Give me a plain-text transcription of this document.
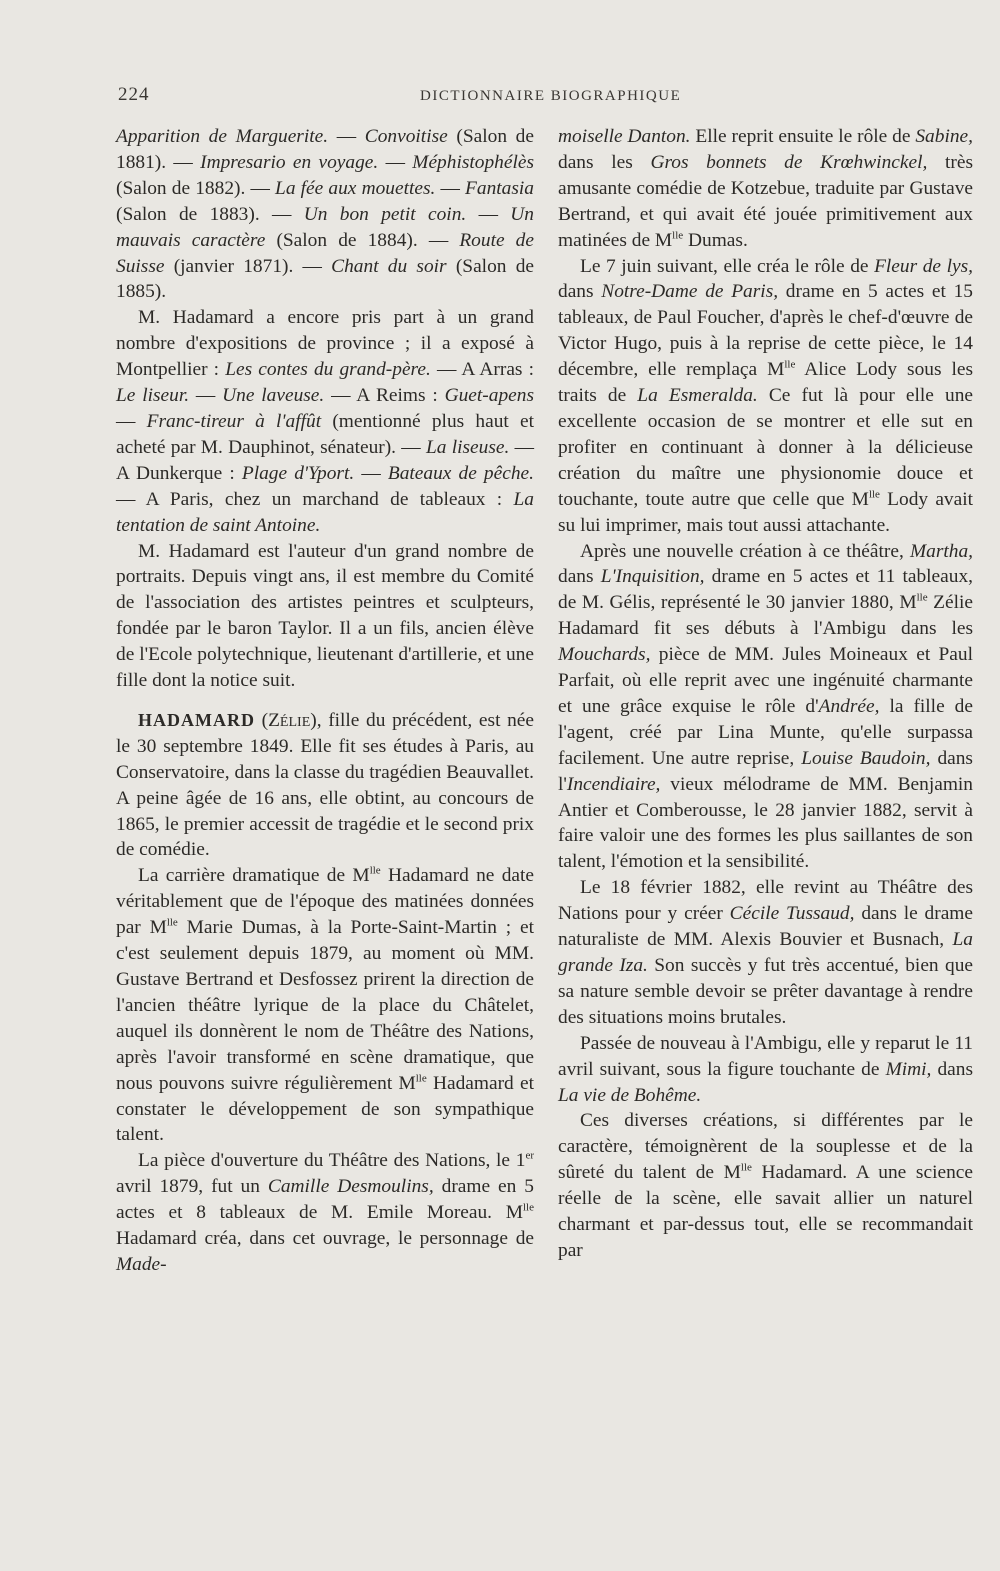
224	DICTIONNAIRE BIOGRAPHIQUE

Apparition de Marguerite. — Convoitise (Salon de 1881). — Impresario en voyage. — Méphistophélès (Salon de 1882). — La fée aux mouettes. — Fantasia (Salon de 1883). — Un bon petit coin. — Un mauvais caractère (Salon de 1884). — Route de Suisse (janvier 1871). — Chant du soir (Salon de 1885).

M. Hadamard a encore pris part à un grand nombre d'expositions de province ; il a exposé à Montpellier : Les contes du grand-père. — A Arras : Le liseur. — Une laveuse. — A Reims : Guet-apens — Franc-tireur à l'affût (mentionné plus haut et acheté par M. Dauphinot, sénateur). — La liseuse. — A Dunkerque : Plage d'Yport. — Bateaux de pêche. — A Paris, chez un marchand de tableaux : La tentation de saint Antoine.

M. Hadamard est l'auteur d'un grand nombre de portraits. Depuis vingt ans, il est membre du Comité de l'association des artistes peintres et sculpteurs, fondée par le baron Taylor. Il a un fils, ancien élève de l'Ecole polytechnique, lieutenant d'artillerie, et une fille dont la notice suit.

HADAMARD (Zélie), fille du précédent, est née le 30 septembre 1849. Elle fit ses études à Paris, au Conservatoire, dans la classe du tragédien Beauvallet. A peine âgée de 16 ans, elle obtint, au concours de 1865, le premier accessit de tragédie et le second prix de comédie.

La carrière dramatique de $M^{lle}$ Hadamard ne date véritablement que de l'époque des matinées données par $M^{lle}$ Marie Dumas, à la Porte-Saint-Martin ; et c'est seulement depuis 1879, au moment où MM. Gustave Bertrand et Desfossez prirent la direction de l'ancien théâtre lyrique de la place du Châtelet, auquel ils donnèrent le nom de Théâtre des Nations, après l'avoir transformé en scène dramatique, que nous pouvons suivre régulièrement $M^{lle}$ Hadamard et constater le développement de son sympathique talent.

La pièce d'ouverture du Théâtre des Nations, le 1er avril 1879, fut un Camille Desmoulins, drame en 5 actes et 8 tableaux de M. Emile Moreau. $M^{lle}$ Hadamard créa, dans cet ouvrage, le personnage de Made-

moiselle Danton. Elle reprit ensuite le rôle de Sabine, dans les Gros bonnets de Krœhwinckel, très amusante comédie de Kotzebue, traduite par Gustave Bertrand, et qui avait été jouée primitivement aux matinées de $M^{lle}$ Dumas.

Le 7 juin suivant, elle créa le rôle de Fleur de lys, dans Notre-Dame de Paris, drame en 5 actes et 15 tableaux, de Paul Foucher, d'après le chef-d'œuvre de Victor Hugo, puis à la reprise de cette pièce, le 14 décembre, elle remplaça $M^{lle}$ Alice Lody sous les traits de La Esmeralda. Ce fut là pour elle une excellente occasion de se montrer et elle sut en profiter en continuant à donner à la délicieuse création du maître une physionomie douce et touchante, toute autre que celle que $M^{lle}$ Lody avait su lui imprimer, mais tout aussi attachante.

Après une nouvelle création à ce théâtre, Martha, dans L'Inquisition, drame en 5 actes et 11 tableaux, de M. Gélis, représenté le 30 janvier 1880, $M^{lle}$ Zélie Hadamard fit ses débuts à l'Ambigu dans les Mouchards, pièce de MM. Jules Moineaux et Paul Parfait, où elle reprit avec une ingénuité charmante et une grâce exquise le rôle d'Andrée, la fille de l'agent, créé par Lina Munte, qu'elle surpassa facilement. Une autre reprise, Louise Baudoin, dans l'Incendiaire, vieux mélodrame de MM. Benjamin Antier et Comberousse, le 28 janvier 1882, servit à faire valoir une des formes les plus saillantes de son talent, l'émotion et la sensibilité.

Le 18 février 1882, elle revint au Théâtre des Nations pour y créer Cécile Tussaud, dans le drame naturaliste de MM. Alexis Bouvier et Busnach, La grande Iza. Son succès y fut très accentué, bien que sa nature semble devoir se prêter davantage à rendre des situations moins brutales.

Passée de nouveau à l'Ambigu, elle y reparut le 11 avril suivant, sous la figure touchante de Mimi, dans La vie de Bohême.

Ces diverses créations, si différentes par le caractère, témoignèrent de la souplesse et de la sûreté du talent de $M^{lle}$ Hadamard. A une science réelle de la scène, elle savait allier un naturel charmant et par-dessus tout, elle se recommandait par
